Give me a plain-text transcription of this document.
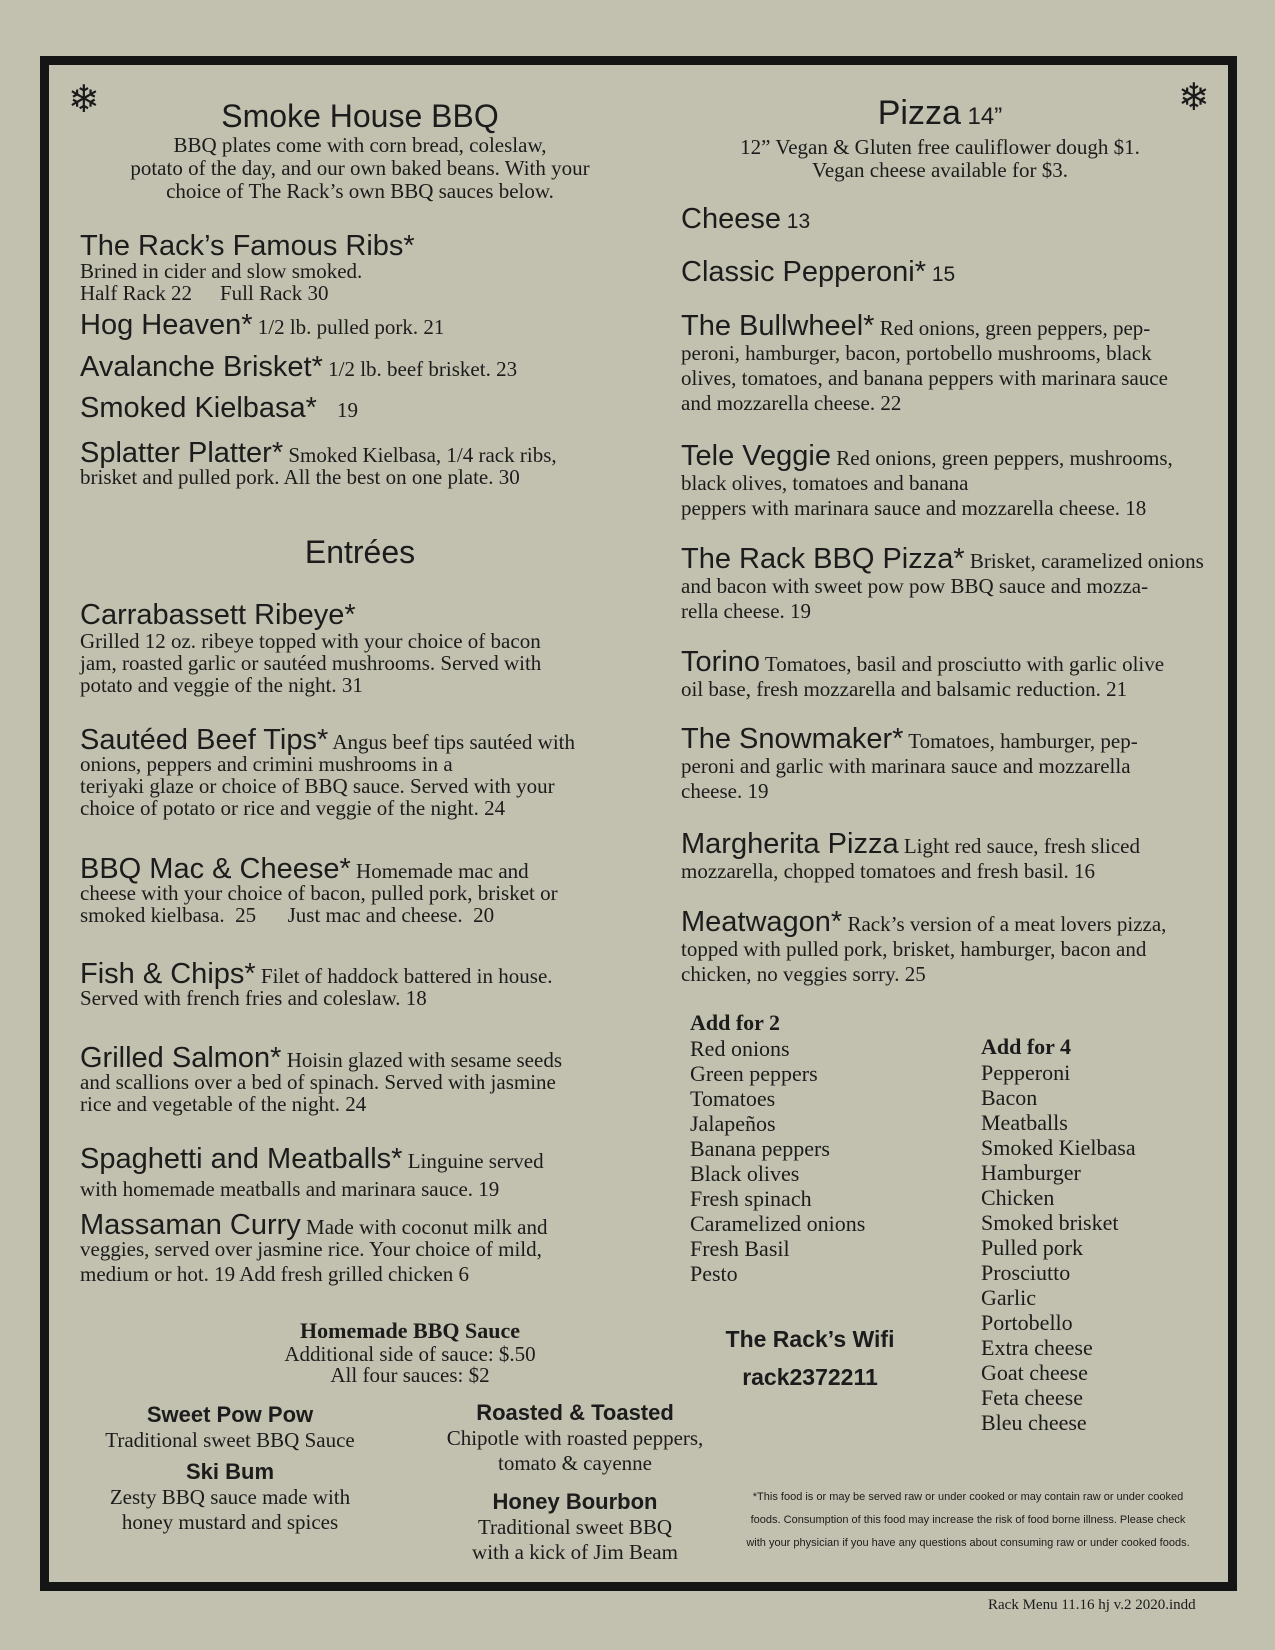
❄	❄
Smoke House BBQ
BBQ plates come with corn bread, coleslaw,
potato of the day, and our own baked beans. With your
choice of The Rack’s own BBQ sauces below.
The Rack’s Famous Ribs*
Brined in cider and slow smoked.
Half Rack 22 Full Rack 30
Hog Heaven* 1/2 lb. pulled pork. 21
Avalanche Brisket* 1/2 lb. beef brisket. 23
Smoked Kielbasa* 19
Splatter Platter* Smoked Kielbasa, 1/4 rack ribs,
brisket and pulled pork. All the best on one plate. 30
Entrées
Carrabassett Ribeye*
Grilled 12 oz. ribeye topped with your choice of bacon
jam, roasted garlic or sautéed mushrooms. Served with
potato and veggie of the night. 31
Sautéed Beef Tips* Angus beef tips sautéed with
onions, peppers and crimini mushrooms in a
teriyaki glaze or choice of BBQ sauce. Served with your
choice of potato or rice and veggie of the night. 24
BBQ Mac & Cheese* Homemade mac and
cheese with your choice of bacon, pulled pork, brisket or
smoked kielbasa.  25      Just mac and cheese.  20
Fish & Chips* Filet of haddock battered in house.
Served with french fries and coleslaw. 18
Grilled Salmon* Hoisin glazed with sesame seeds
and scallions over a bed of spinach. Served with jasmine
rice and vegetable of the night. 24
Spaghetti and Meatballs* Linguine served
with homemade meatballs and marinara sauce. 19
Massaman Curry Made with coconut milk and
veggies, served over jasmine rice. Your choice of mild,
medium or hot. 19 Add fresh grilled chicken 6
Homemade BBQ Sauce
Additional side of sauce: $.50
All four sauces: $2
Sweet Pow Pow
Traditional sweet BBQ Sauce
Ski Bum
Zesty BBQ sauce made with
honey mustard and spices
Roasted & Toasted
Chipotle with roasted peppers,
tomato & cayenne
Honey Bourbon
Traditional sweet BBQ
with a kick of Jim Beam
Pizza 14”
12” Vegan & Gluten free cauliflower dough $1.
Vegan cheese available for $3.
Cheese 13
Classic Pepperoni* 15
The Bullwheel* Red onions, green peppers, pep-
peroni, hamburger, bacon, portobello mushrooms, black
olives, tomatoes, and banana peppers with marinara sauce
and mozzarella cheese. 22
Tele Veggie Red onions, green peppers, mushrooms,
black olives, tomatoes and banana
peppers with marinara sauce and mozzarella cheese. 18
The Rack BBQ Pizza* Brisket, caramelized onions
and bacon with sweet pow pow BBQ sauce and mozza-
rella cheese. 19
Torino Tomatoes, basil and prosciutto with garlic olive
oil base, fresh mozzarella and balsamic reduction. 21
The Snowmaker* Tomatoes, hamburger, pep-
peroni and garlic with marinara sauce and mozzarella
cheese. 19
Margherita Pizza Light red sauce, fresh sliced
mozzarella, chopped tomatoes and fresh basil. 16
Meatwagon* Rack’s version of a meat lovers pizza,
topped with pulled pork, brisket, hamburger, bacon and
chicken, no veggies sorry. 25
Add for 2
Red onions
Green peppers
Tomatoes
Jalapeños
Banana peppers
Black olives
Fresh spinach
Caramelized onions
Fresh Basil
Pesto
Add for 4
Pepperoni
Bacon
Meatballs
Smoked Kielbasa
Hamburger
Chicken
Smoked brisket
Pulled pork
Prosciutto
Garlic
Portobello
Extra cheese
Goat cheese
Feta cheese
Bleu cheese
The Rack’s Wifi
rack2372211
*This food is or may be served raw or under cooked or may contain raw or under cooked
foods. Consumption of this food may increase the risk of food borne illness. Please check
with your physician if you have any questions about consuming raw or under cooked foods.
Rack Menu 11.16 hj v.2 2020.indd
